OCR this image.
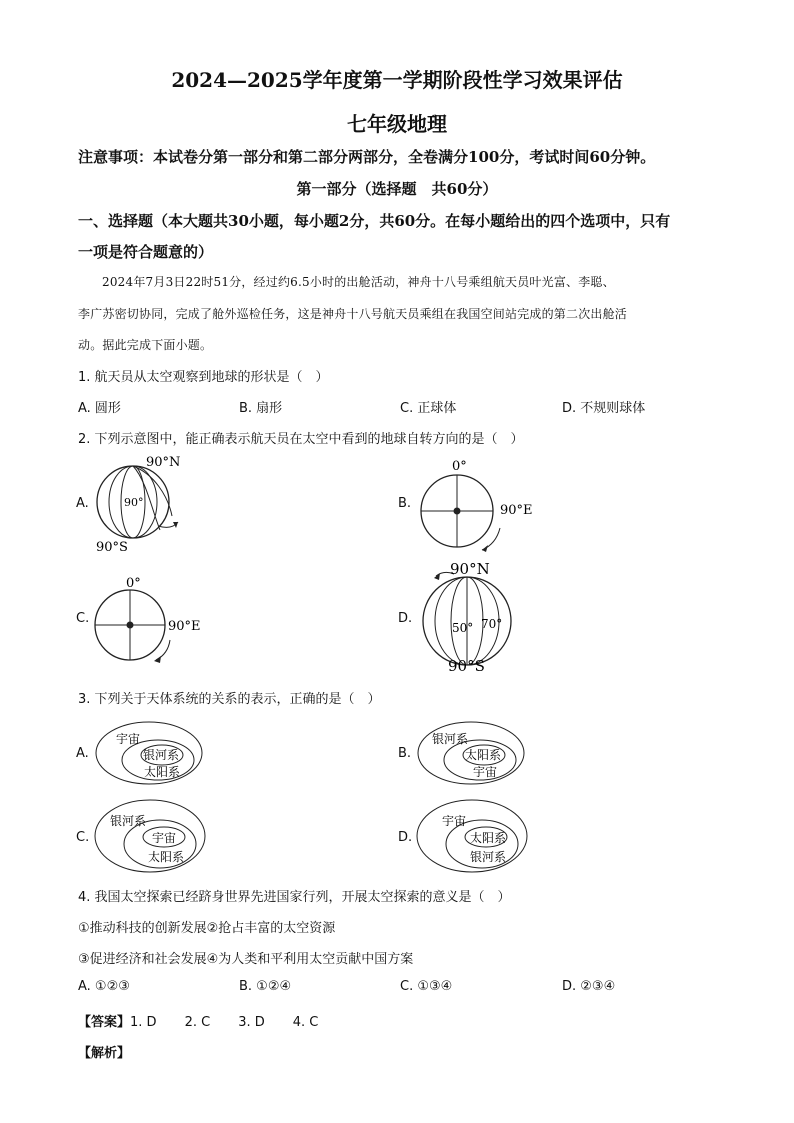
2024—2025学年度第一学期阶段性学习效果评估
七年级地理
注意事项：本试卷分第一部分和第二部分两部分，全卷满分100分，考试时间60分钟。
第一部分（选择题　共60分）
一、选择题（本大题共30小题，每小题2分，共60分。在每小题给出的四个选项中，只有
一项是符合题意的）
2024年7月3日22时51分，经过约6.5小时的出舱活动，神舟十八号乘组航天员叶光富、李聪、
李广苏密切协同，完成了舱外巡检任务，这是神舟十八号航天员乘组在我国空间站完成的第二次出舱活
动。据此完成下面小题。
1. 航天员从太空观察到地球的形状是（　）
A. 圆形	B. 扇形	C. 正球体	D. 不规则球体
2. 下列示意图中，能正确表示航天员在太空中看到的地球自转方向的是（　）
A.
90°N
90°
90°S
B.
0°
90°E
C.
0°
90°E
D.
90°N
50° 70°
90°S
3. 下列关于天体系统的关系的表示，正确的是（　）
A.
宇宙
银河系
太阳系
B.
银河系
太阳系
宇宙
C.
银河系
宇宙
太阳系
D.
宇宙
太阳系
银河系
4. 我国太空探索已经跻身世界先进国家行列，开展太空探索的意义是（　）
①推动科技的创新发展②抢占丰富的太空资源
③促进经济和社会发展④为人类和平利用太空贡献中国方案
A. ①②③	B. ①②④	C. ①③④	D. ②③④
【答案】1. D 2. C 3. D 4. C
【解析】
